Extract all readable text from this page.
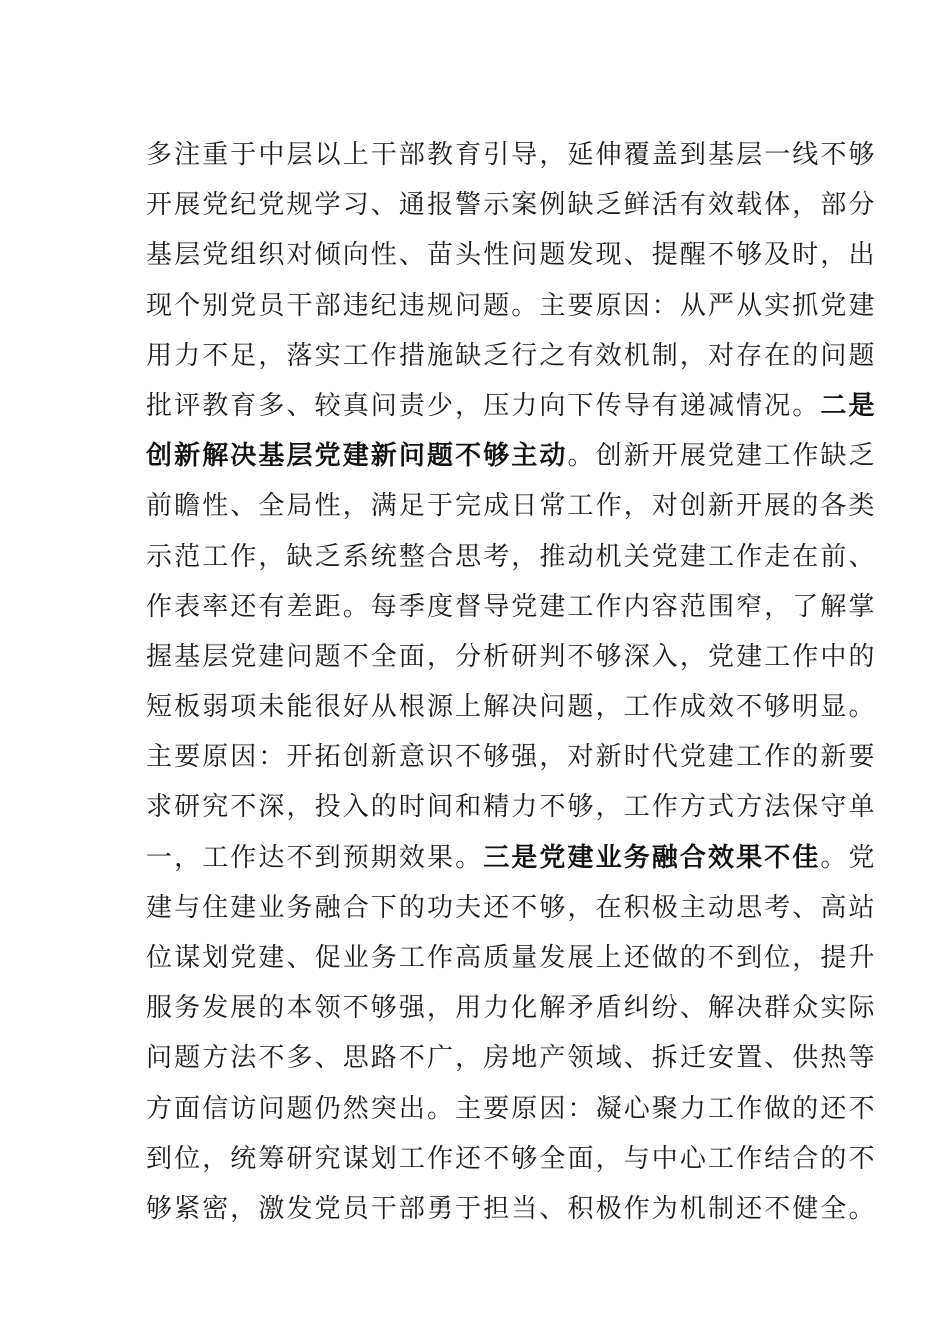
多注重于中层以上干部教育引导，延伸覆盖到基层一线不够
开展党纪党规学习、通报警示案例缺乏鲜活有效载体，部分
基层党组织对倾向性、苗头性问题发现、提醒不够及时，出
现个别党员干部违纪违规问题。主要原因：从严从实抓党建
用力不足，落实工作措施缺乏行之有效机制，对存在的问题
批评教育多、较真问责少，压力向下传导有递减情况。二是
创新解决基层党建新问题不够主动。创新开展党建工作缺乏
前瞻性、全局性，满足于完成日常工作，对创新开展的各类
示范工作，缺乏系统整合思考，推动机关党建工作走在前、
作表率还有差距。每季度督导党建工作内容范围窄，了解掌
握基层党建问题不全面，分析研判不够深入，党建工作中的
短板弱项未能很好从根源上解决问题，工作成效不够明显。
主要原因：开拓创新意识不够强，对新时代党建工作的新要
求研究不深，投入的时间和精力不够，工作方式方法保守单
一，工作达不到预期效果。三是党建业务融合效果不佳。党
建与住建业务融合下的功夫还不够，在积极主动思考、高站
位谋划党建、促业务工作高质量发展上还做的不到位，提升
服务发展的本领不够强，用力化解矛盾纠纷、解决群众实际
问题方法不多、思路不广，房地产领域、拆迁安置、供热等
方面信访问题仍然突出。主要原因：凝心聚力工作做的还不
到位，统筹研究谋划工作还不够全面，与中心工作结合的不
够紧密，激发党员干部勇于担当、积极作为机制还不健全。
